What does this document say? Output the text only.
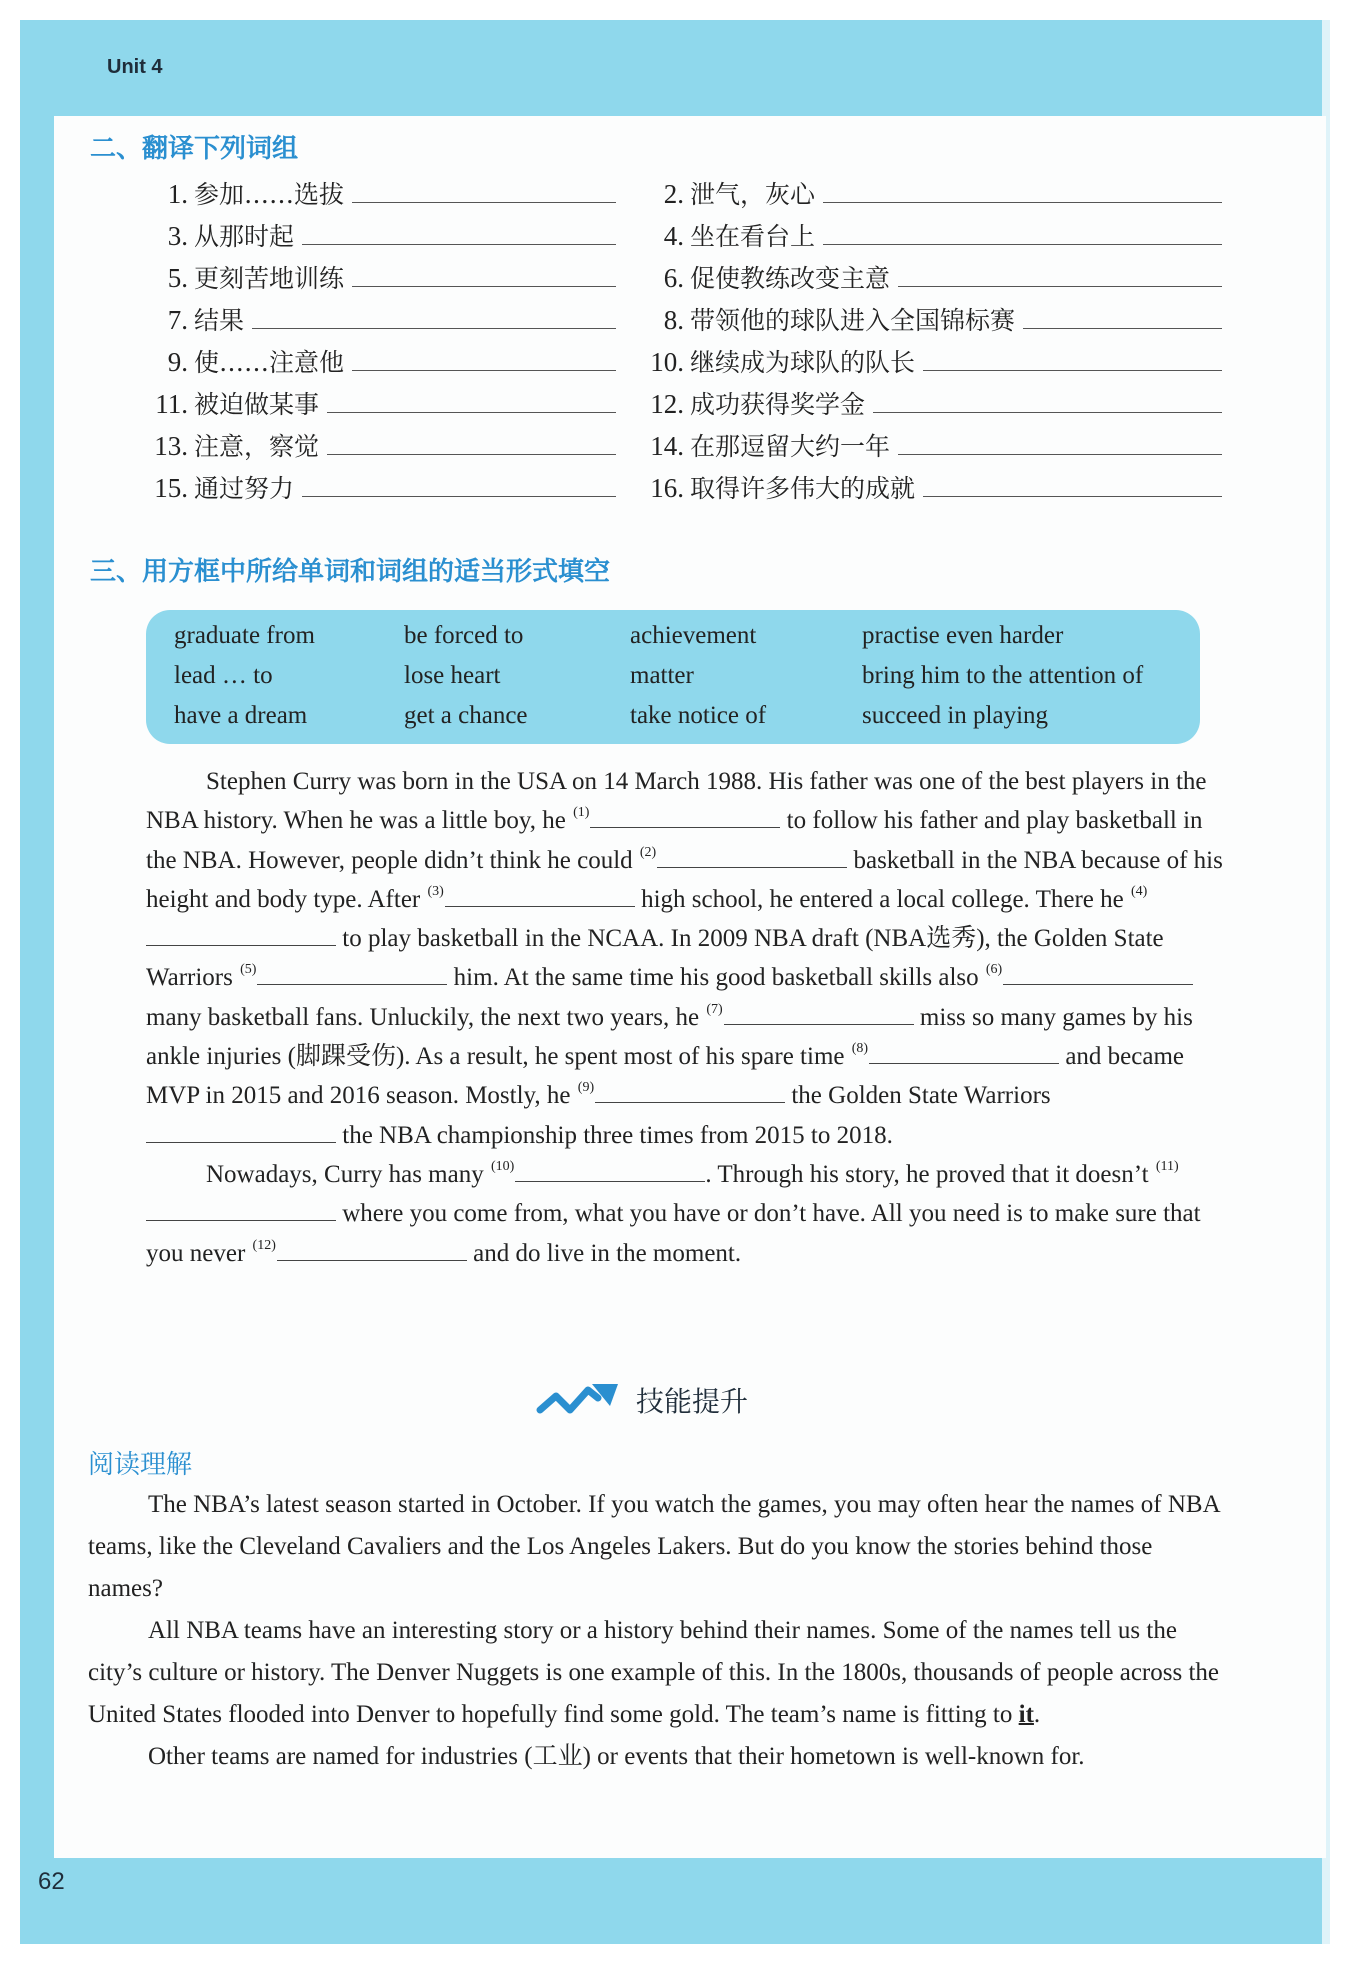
Unit 4
62
二、翻译下列词组
1. 参加……选拔	2. 泄气，灰心
3. 从那时起	4. 坐在看台上
5. 更刻苦地训练	6. 促使教练改变主意
7. 结果	8. 带领他的球队进入全国锦标赛
9. 使……注意他	10. 继续成为球队的队长
11. 被迫做某事	12. 成功获得奖学金
13. 注意，察觉	14. 在那逗留大约一年
15. 通过努力	16. 取得许多伟大的成就
三、用方框中所给单词和词组的适当形式填空
graduate from	be forced to	achievement	practise even harder
lead … to	lose heart	matter	bring him to the attention of
have a dream	get a chance	take notice of	succeed in playing

Stephen Curry was born in the USA on 14 March 1988. His father was one of the best players in the NBA history. When he was a little boy, he $^{(1)}$	to follow his father and play basketball in the NBA. However, people didn’t think he could $^{(2)}$	basketball in the NBA because of his height and body type. After $^{(3)}$	high school, he entered a local college. There he $^{(4)}$ to play basketball in the NCAA. In 2009 NBA draft (NBA选秀), the Golden State Warriors $^{(5)}$	him. At the same time his good basketball skills also $^{(6)}$ many basketball fans. Unluckily, the next two years, he $^{(7)}$	miss so many games by his ankle injuries (脚踝受伤). As a result, he spent most of his spare time $^{(8)}$	and became MVP in 2015 and 2016 season. Mostly, he $^{(9)}$	the Golden State Warriors  the NBA championship three times from 2015 to 2018.

Nowadays, Curry has many $^{(10)}$	. Through his story, he proved that it doesn’t $^{(11)}$ where you come from, what you have or don’t have. All you need is to make sure that you never $^{(12)}$	and do live in the moment.

技能提升
阅读理解

The NBA’s latest season started in October. If you watch the games, you may often hear the names of NBA teams, like the Cleveland Cavaliers and the Los Angeles Lakers. But do you know the stories behind those names?

All NBA teams have an interesting story or a history behind their names. Some of the names tell us the city’s culture or history. The Denver Nuggets is one example of this. In the 1800s, thousands of people across the United States flooded into Denver to hopefully find some gold. The team’s name is fitting to it.

Other teams are named for industries (工业) or events that their hometown is well-known for.
